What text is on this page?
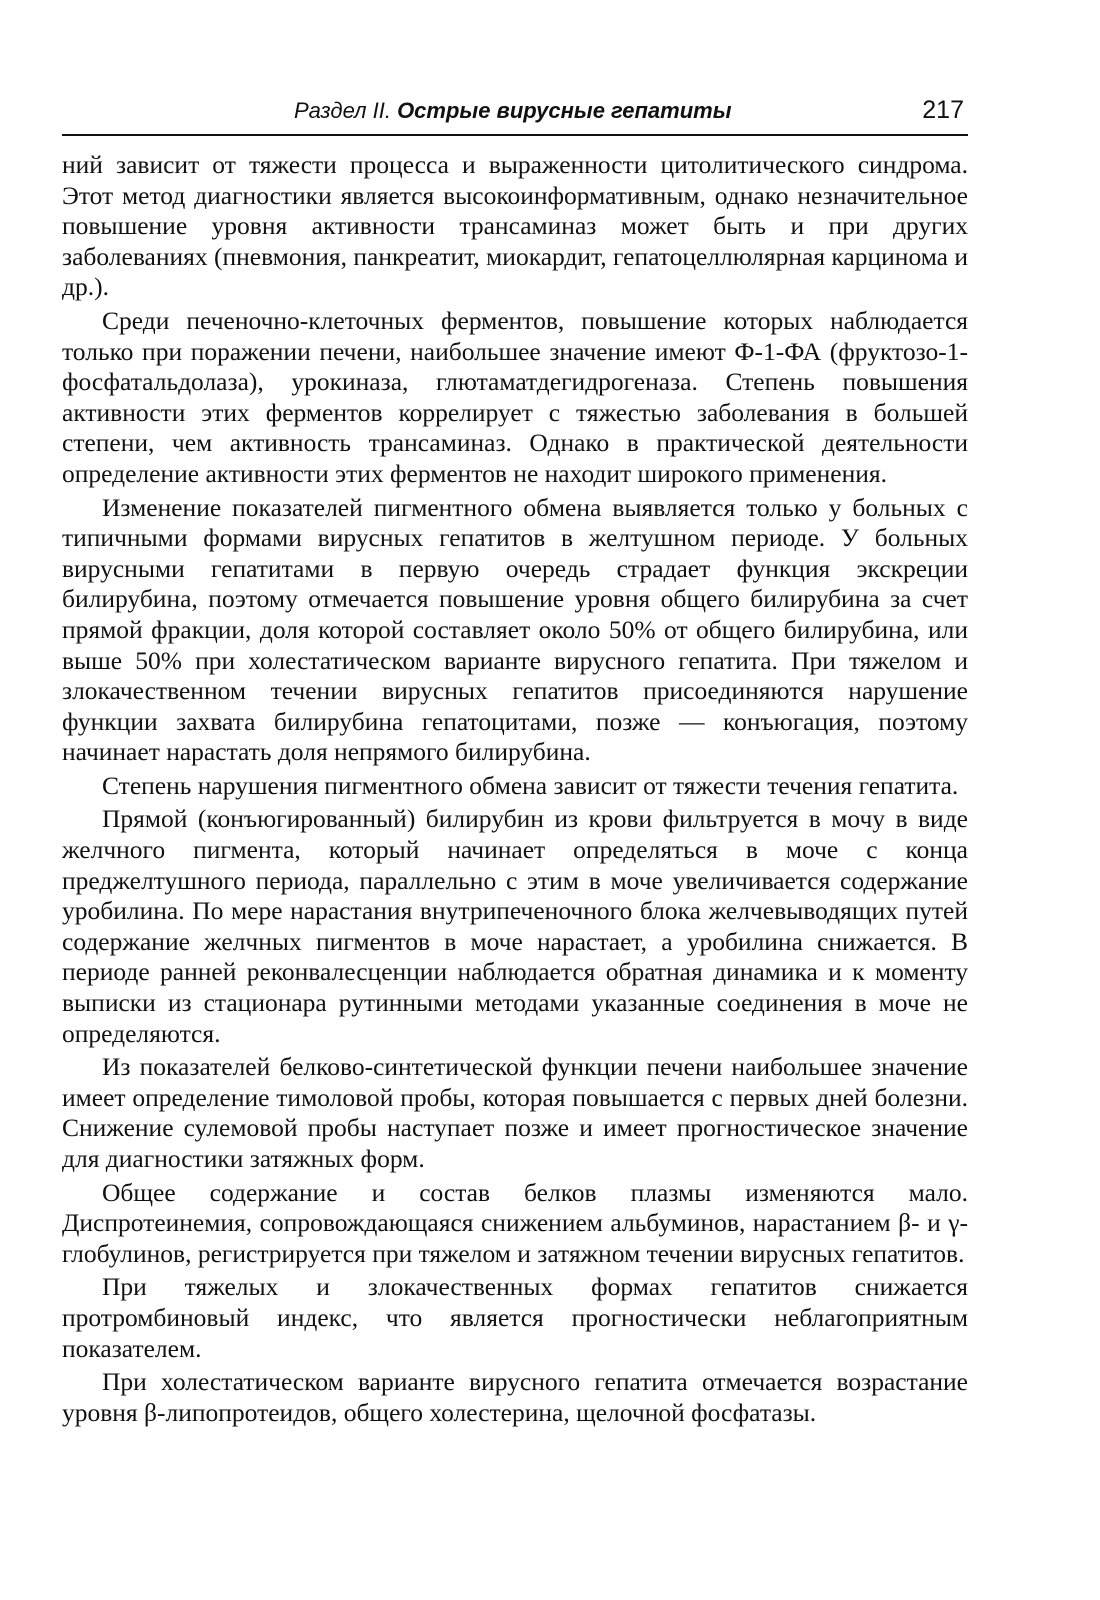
Раздел II. Острые вирусные гепатиты	217

ний зависит от тяжести процесса и выраженности цитолитического синдрома. Этот метод диагностики является высокоинформативным, однако незначительное повышение уровня активности трансаминаз может быть и при других заболеваниях (пневмония, панкреатит, миокардит, гепатоцеллюлярная карцинома и др.).

Среди печеночно-клеточных ферментов, повышение которых наблюдается только при поражении печени, наибольшее значение имеют Ф-1-ФА (фруктозо-1-фосфатальдолаза), урокиназа, глютаматдегидрогеназа. Степень повышения активности этих ферментов коррелирует с тяжестью заболевания в большей степени, чем активность трансаминаз. Однако в практической деятельности определение активности этих ферментов не находит широкого применения.

Изменение показателей пигментного обмена выявляется только у больных с типичными формами вирусных гепатитов в желтушном периоде. У больных вирусными гепатитами в первую очередь страдает функция экскреции билирубина, поэтому отмечается повышение уровня общего билирубина за счет прямой фракции, доля которой составляет около 50% от общего билирубина, или выше 50% при холестатическом варианте вирусного гепатита. При тяжелом и злокачественном течении вирусных гепатитов присоединяются нарушение функции захвата билирубина гепатоцитами, позже — конъюгация, поэтому начинает нарастать доля непрямого билирубина.

Степень нарушения пигментного обмена зависит от тяжести течения гепатита.

Прямой (конъюгированный) билирубин из крови фильтруется в мочу в виде желчного пигмента, который начинает определяться в моче с конца преджелтушного периода, параллельно с этим в моче увеличивается содержание уробилина. По мере нарастания внутрипеченочного блока желчевыводящих путей содержание желчных пигментов в моче нарастает, а уробилина снижается. В периоде ранней реконвалесценции наблюдается обратная динамика и к моменту выписки из стационара рутинными методами указанные соединения в моче не определяются.

Из показателей белково-синтетической функции печени наибольшее значение имеет определение тимоловой пробы, которая повышается с первых дней болезни. Снижение сулемовой пробы наступает позже и имеет прогностическое значение для диагностики затяжных форм.

Общее содержание и состав белков плазмы изменяются мало. Диспротеинемия, сопровождающаяся снижением альбуминов, нарастанием β- и γ-глобулинов, регистрируется при тяжелом и затяжном течении вирусных гепатитов.

При тяжелых и злокачественных формах гепатитов снижается протромбиновый индекс, что является прогностически неблагоприятным показателем.

При холестатическом варианте вирусного гепатита отмечается возрастание уровня β-липопротеидов, общего холестерина, щелочной фосфатазы.
